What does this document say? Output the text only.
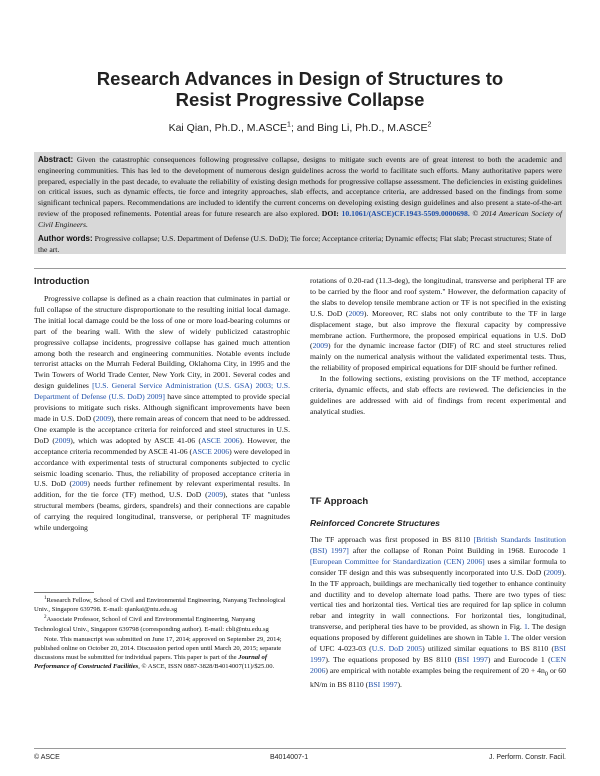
Research Advances in Design of Structures to
Resist Progressive Collapse
Kai Qian, Ph.D., M.ASCE$^1$; and Bing Li, Ph.D., M.ASCE$^2$

Abstract: Given the catastrophic consequences following progressive collapse, designs to mitigate such events are of great interest to both the academic and engineering communities. This has led to the development of numerous design guidelines across the world to facilitate such efforts. Many authoritative papers were prepared, especially in the past decade, to evaluate the reliability of existing design methods for progressive collapse assessment. The deficiencies in existing guidelines on critical issues, such as dynamic effects, tie force and integrity approaches, slab effects, and acceptance criteria, are addressed based on the findings from some significant technical papers. Recommendations are included to identify the current concerns on developing existing design guidelines and also present a state-of-the-art review of the proposed refinements. Potential areas for future research are also explored. DOI: 10.1061/(ASCE)CF.1943-5509.0000698. © 2014 American Society of Civil Engineers.

Author words: Progressive collapse; U.S. Department of Defense (U.S. DoD); Tie force; Acceptance criteria; Dynamic effects; Flat slab; Precast structures; State of the art.

Introduction

Progressive collapse is defined as a chain reaction that culminates in partial or full collapse of the structure disproportionate to the resulting initial local damage. The initial local damage could be the loss of one or more load-bearing columns or part of the bearing wall. With the slew of widely publicized catastrophic progressive collapse incidents, progressive collapse has gained much attention among both the research and engineering communities. Notable events include terrorist attacks on the Murrah Federal Building, Oklahoma City, in 1995 and the Twin Towers of World Trade Center, New York City, in 2001. Several codes and design guidelines [U.S. General Service Administration (U.S. GSA) 2003; U.S. Department of Defense (U.S. DoD) 2009] have since attempted to provide special provisions to mitigate such risks. Although significant improvements have been made in U.S. DoD (2009), there remain areas of concern that need to be addressed. One example is the acceptance criteria for reinforced and steel structures in U.S. DoD (2009), which was adopted by ASCE 41-06 (ASCE 2006). However, the acceptance criteria recommended by ASCE 41-06 (ASCE 2006) were developed in accordance with experimental tests of structural components subjected to cyclic seismic loading scenario. Thus, the reliability of proposed acceptance criteria in U.S. DoD (2009) needs further refinement by relevant experimental results. In addition, for the tie force (TF) method, U.S. DoD (2009), states that "unless structural members (beams, girders, spandrels) and their connections are capable of carrying the required longitudinal, transverse, or peripheral TF magnitudes while undergoing

$^1$Research Fellow, School of Civil and Environmental Engineering, Nanyang Technological Univ., Singapore 639798. E-mail: qiankai@ntu.edu.sg

$^2$Associate Professor, School of Civil and Environmental Engineering, Nanyang Technological Univ., Singapore 639798 (corresponding author). E-mail: cbli@ntu.edu.sg

Note. This manuscript was submitted on June 17, 2014; approved on September 29, 2014; published online on October 20, 2014. Discussion period open until March 20, 2015; separate discussions must be submitted for individual papers. This paper is part of the Journal of Performance of Constructed Facilities, © ASCE, ISSN 0887-3828/B4014007(11)/$25.00.

rotations of 0.20-rad (11.3-deg), the longitudinal, transverse and peripheral TF are to be carried by the floor and roof system." However, the deformation capacity of the slabs to develop tensile membrane action or TF is not specified in the existing U.S. DoD (2009). Moreover, RC slabs not only contribute to the TF in large displacement stage, but also improve the flexural capacity by compressive membrane action. Furthermore, the proposed empirical equations in U.S. DoD (2009) for the dynamic increase factor (DIF) of RC and steel structures relied mainly on the numerical analysis without the validated experimental tests. Thus, the reliability of proposed empirical equations for DIF should be further refined.

In the following sections, existing provisions on the TF method, acceptance criteria, dynamic effects, and slab effects are reviewed. The deficiencies in the guidelines are addressed with aid of findings from recent experimental and analytical studies.

TF Approach
Reinforced Concrete Structures

The TF approach was first proposed in BS 8110 [British Standards Institution (BSI) 1997] after the collapse of Ronan Point Building in 1968. Eurocode 1 [European Committee for Standardization (CEN) 2006] uses a similar formula to consider TF design and this was subsequently incorporated into U.S. DoD (2009). In the TF approach, buildings are mechanically tied together to enhance continuity and ductility and to develop alternate load paths. There are two types of ties: vertical ties and horizontal ties. Vertical ties are required for lap splice in column rebar and integrity in wall connections. For horizontal ties, longitudinal, transverse, and peripheral ties have to be provided, as shown in Fig. 1. The design equations proposed by different guidelines are shown in Table 1. The older version of UFC 4-023-03 (U.S. DoD 2005) utilized similar equations to BS 8110 (BSI 1997). The equations proposed by BS 8110 (BSI 1997) and Eurocode 1 (CEN 2006) are empirical with notable examples being the requirement of $20 + 4n_0$ or 60 kN/m in BS 8110 (BSI 1997).

© ASCE	B4014007-1	J. Perform. Constr. Facil.
